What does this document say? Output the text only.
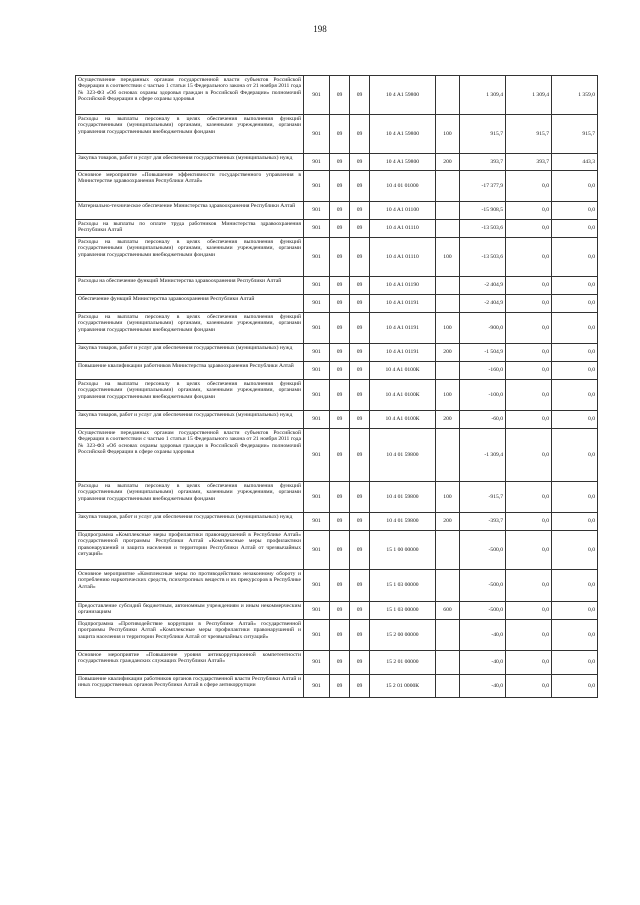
198
Осуществление переданных органам государственной власти субъектов Российской Федерации в соответствии с частью 1 статьи 15 Федерального закона от 21 ноября 2011 года № 323-ФЗ «Об основах охраны здоровья граждан в Российской Федерации» полномочий Российской Федерации в сфере охраны здоровья	901	09	09	10 4 A1 59800		1 309,4	1 309,4	1 359,0
Расходы на выплаты персоналу в целях обеспечения выполнения функций государственными (муниципальными) органами, казенными учреждениями, органами управления государственными внебюджетными фондами	901	09	09	10 4 A1 59800	100	915,7	915,7	915,7
Закупка товаров, работ и услуг для обеспечения государственных (муниципальных) нужд	901	09	09	10 4 A1 59800	200	393,7	393,7	443,3
Основное мероприятие «Повышение эффективности государственного управления в Министерстве здравоохранения Республики Алтай»	901	09	09	10 4 01 01000		-17 377,9	0,0	0,0
Материально-техническое обеспечение Министерства здравоохранения Республики Алтай	901	09	09	10 4 A1 01100		-15 908,5	0,0	0,0
Расходы на выплаты по оплате труда работников Министерства здравоохранения Республики Алтай	901	09	09	10 4 A1 01110		-13 503,6	0,0	0,0
Расходы на выплаты персоналу в целях обеспечения выполнения функций государственными (муниципальными) органами, казенными учреждениями, органами управления государственными внебюджетными фондами	901	09	09	10 4 A1 01110	100	-13 503,6	0,0	0,0
Расходы на обеспечение функций Министерства здравоохранения Республики Алтай	901	09	09	10 4 A1 01190		-2 404,9	0,0	0,0
Обеспечение функций Министерства здравоохранения Республики Алтай	901	09	09	10 4 A1 01191		-2 404,9	0,0	0,0
Расходы на выплаты персоналу в целях обеспечения выполнения функций государственными (муниципальными) органами, казенными учреждениями, органами управления государственными внебюджетными фондами	901	09	09	10 4 A1 01191	100	-900,0	0,0	0,0
Закупка товаров, работ и услуг для обеспечения государственных (муниципальных) нужд	901	09	09	10 4 A1 01191	200	-1 504,9	0,0	0,0
Повышение квалификации работников Министерства здравоохранения Республики Алтай	901	09	09	10 4 A1 0100К		-160,0	0,0	0,0
Расходы на выплаты персоналу в целях обеспечения выполнения функций государственными (муниципальными) органами, казенными учреждениями, органами управления государственными внебюджетными фондами	901	09	09	10 4 A1 0100К	100	-100,0	0,0	0,0
Закупка товаров, работ и услуг для обеспечения государственных (муниципальных) нужд	901	09	09	10 4 A1 0100К	200	-60,0	0,0	0,0
Осуществление переданных органам государственной власти субъектов Российской Федерации в соответствии с частью 1 статьи 15 Федерального закона от 21 ноября 2011 года № 323-ФЗ «Об основах охраны здоровья граждан в Российской Федерации» полномочий Российской Федерации в сфере охраны здоровья	901	09	09	10 4 01 59800		-1 309,4	0,0	0,0
Расходы на выплаты персоналу в целях обеспечения выполнения функций государственными (муниципальными) органами, казенными учреждениями, органами управления государственными внебюджетными фондами	901	09	09	10 4 01 59800	100	-915,7	0,0	0,0
Закупка товаров, работ и услуг для обеспечения государственных (муниципальных) нужд	901	09	09	10 4 01 59800	200	-393,7	0,0	0,0
Подпрограмма «Комплексные меры профилактики правонарушений в Республике Алтай» государственной программы Республики Алтай «Комплексные меры профилактики правонарушений и защита населения и территории Республики Алтай от чрезвычайных ситуаций»	901	09	09	15 1 00 00000		-500,0	0,0	0,0
Основное мероприятие «Комплексные меры по противодействию незаконному обороту и потреблению наркотических средств, психотропных веществ и их прекурсоров в Республике Алтай»	901	09	09	15 1 03 00000		-500,0	0,0	0,0
Предоставление субсидий бюджетным, автономным учреждениям и иным некоммерческим организациям	901	09	09	15 1 03 00000	600	-500,0	0,0	0,0
Подпрограмма «Противодействие коррупции в Республике Алтай» государственной программы Республики Алтай «Комплексные меры профилактики правонарушений и защита населения и территории Республики Алтай от чрезвычайных ситуаций»	901	09	09	15 2 00 00000		-40,0	0,0	0,0
Основное мероприятие «Повышение уровня антикоррупционной компетентности государственных гражданских служащих Республики Алтай»	901	09	09	15 2 01 00000		-40,0	0,0	0,0
Повышение квалификации работников органов государственной власти Республики Алтай и иных государственных органов Республики Алтай в сфере антикоррупции	901	09	09	15 2 01 0000К		-40,0	0,0	0,0
